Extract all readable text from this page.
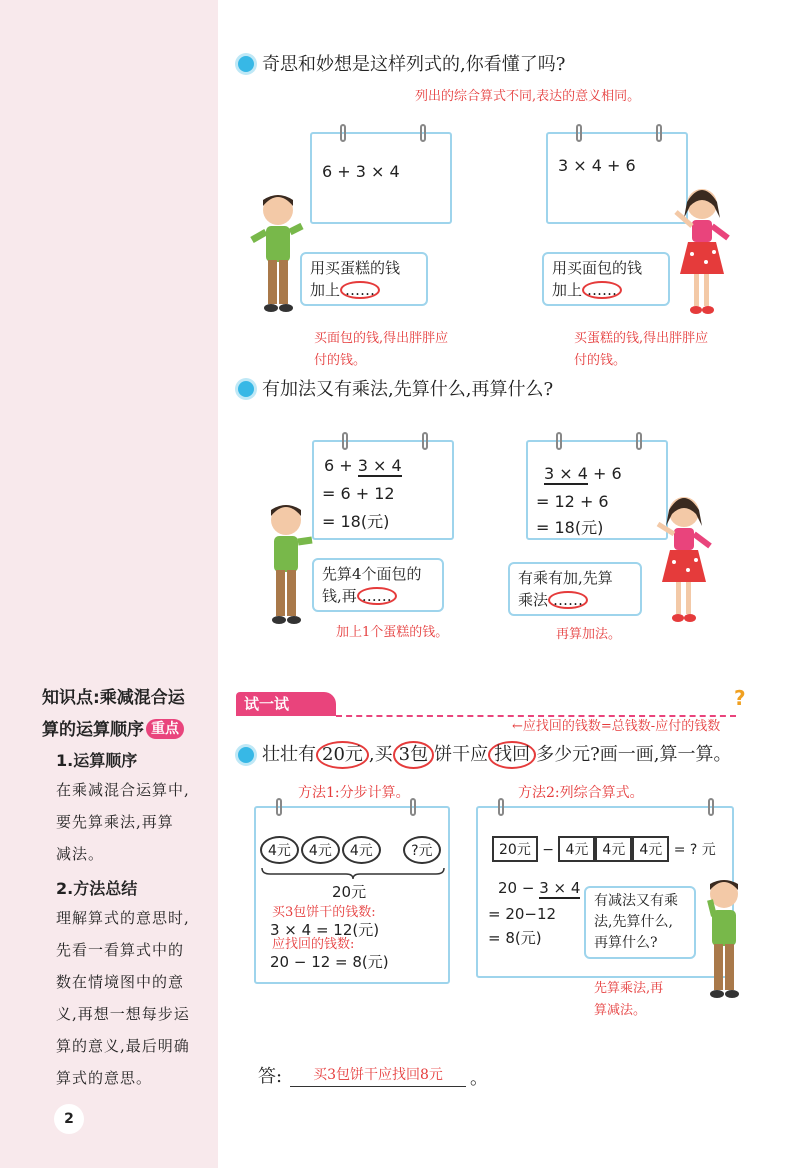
知识点:乘减混合运
算的运算顺序 重点
1.运算顺序
在乘减混合运算中,
要先算乘法,再算
减法。
2.方法总结
理解算式的意思时,
先看一看算式中的
数在情境图中的意
义,再想一想每步运
算的意义,最后明确
算式的意思。
2
奇思和妙想是这样列式的,你看懂了吗?
列出的综合算式不同,表达的意义相同。
6 + 3 × 4	3 × 4 + 6
用买蛋糕的钱
加上 ……
用买面包的钱
加上 ……
买面包的钱,得出胖胖应
付的钱。
买蛋糕的钱,得出胖胖应
付的钱。
有加法又有乘法,先算什么,再算什么?
6 + 3 × 4
= 6 + 12
= 18(元)
3 × 4 + 6
= 12 + 6
= 18(元)
先算4个面包的
钱,再 ……
有乘有加,先算
乘法 ……
加上1个蛋糕的钱。	再算加法。
试一试	?
←应找回的钱数=总钱数-应付的钱数
壮壮有 20元 ,买 3包 饼干应 找回 多少元?画一画,算一算。
方法1:分步计算。	方法2:列综合算式。
4元 4元 4元	?元
20元
买3包饼干的钱数:
3 × 4 = 12(元)
应找回的钱数:
20 − 12 = 8(元)
20元 − 4元 4元 4元 = ? 元
20 − 3 × 4
= 20−12
= 8(元)
有减法又有乘
法,先算什么,
再算什么?
先算乘法,再
算减法。
答:	买3包饼干应找回8元	。
